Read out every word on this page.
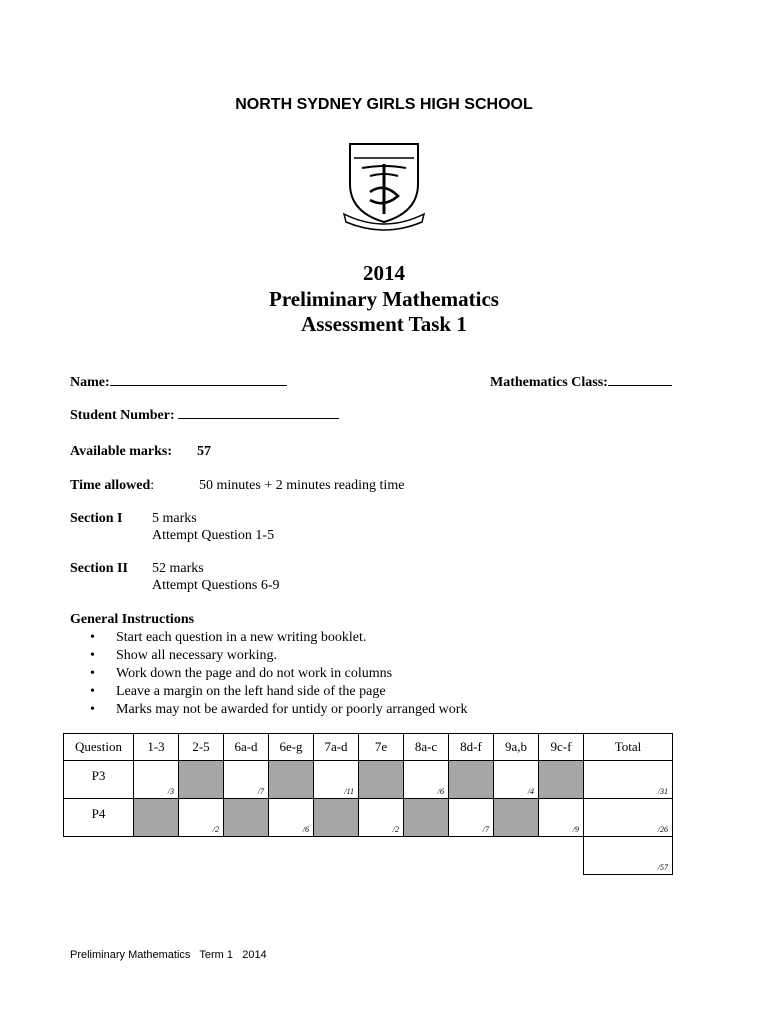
NORTH SYDNEY GIRLS HIGH SCHOOL
2014
Preliminary Mathematics
Assessment Task 1
Name:	Mathematics Class:
Student Number:
Available marks: 57
Time allowed:	50 minutes + 2 minutes reading time
Section I 5 marks
Attempt Question 1-5
Section II 52 marks
Attempt Questions 6-9
General Instructions
• Start each question in a new writing booklet.
• Show all necessary working.
• Work down the page and do not work in columns
• Leave a margin on the left hand side of the page
• Marks may not be awarded for untidy or poorly arranged work
Question	1-3	2-5	6a-d	6e-g	7a-d	7e	8a-c	8d-f	9a,b	9c-f	Total

P3	/3		/7		/11		/6		/4		/31

P4		/2		/6		/2		/7		/9	/26

											/57
Preliminary Mathematics Term 1 2014
